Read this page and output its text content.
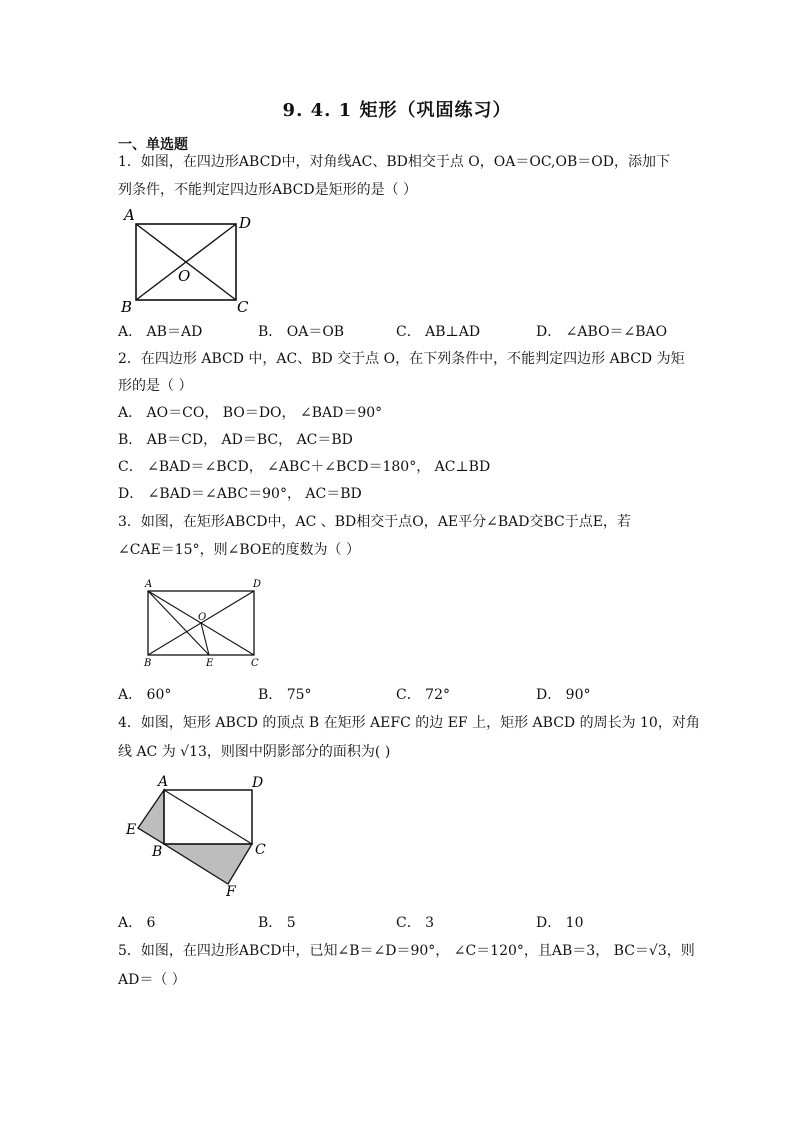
9. 4. 1 矩形（巩固练习）
一、单选题
1．如图，在四边形ABCD中，对角线AC、BD相交于点 O，OA＝OC,OB＝OD，添加下
列条件，不能判定四边形ABCD是矩形的是（ ）
A	D
O
B	C
A． AB＝AD	B． OA＝OB	C． AB⊥AD	D． ∠ABO＝∠BAO
2．在四边形 ABCD 中，AC、BD 交于点 O，在下列条件中，不能判定四边形 ABCD 为矩
形的是（ ）
A． AO＝CO， BO＝DO， ∠BAD＝90°
B． AB＝CD， AD＝BC， AC＝BD
C． ∠BAD＝∠BCD， ∠ABC＋∠BCD＝180°， AC⊥BD
D． ∠BAD＝∠ABC＝90°， AC＝BD
3．如图，在矩形ABCD中，AC 、BD相交于点O，AE平分∠BAD交BC于点E，若
∠CAE＝15°，则∠BOE的度数为（ ）
A	D
O
B	E	C
A． 60°	B． 75°	C． 72°	D． 90°
4．如图，矩形 ABCD 的顶点 B 在矩形 AEFC 的边 EF 上，矩形 ABCD 的周长为 10，对角
线 AC 为 √13，则图中阴影部分的面积为( )
A	D
E
B	C
F
A． 6	B． 5	C． 3	D． 10
5．如图，在四边形ABCD中，已知∠B＝∠D＝90°， ∠C＝120°，且AB＝3， BC＝√3，则
AD＝（ ）
